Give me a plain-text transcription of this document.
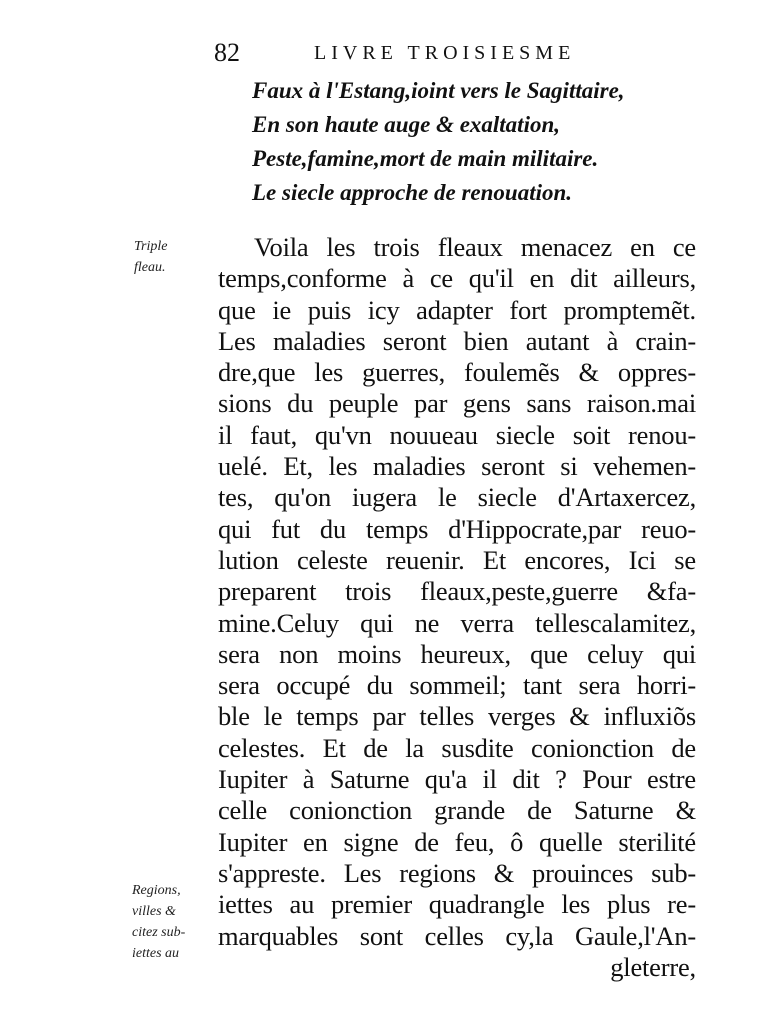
82	LIVRE TROISIESME
Faux à l'Estang,ioint vers le Sagittaire,
En son haute auge & exaltation,
Peste,famine,mort de main militaire.
Le siecle approche de renouation.
Triple
fleau.
Regions,
villes &
citez sub-
iettes au
Voila les trois fleaux menacez en ce
temps,conforme à ce qu'il en dit ailleurs,
que ie puis icy adapter fort promptemẽt.
Les maladies seront bien autant à crain-
dre,que les guerres, foulemẽs & oppres-
sions du peuple par gens sans raison.mai
il faut, qu'vn nouueau siecle soit renou-
uelé. Et, les maladies seront si vehemen-
tes, qu'on iugera le siecle d'Artaxercez,
qui fut du temps d'Hippocrate,par reuo-
lution celeste reuenir. Et encores, Ici se
preparent trois fleaux,peste,guerre &fa-
mine.Celuy qui ne verra tellescalamitez,
sera non moins heureux, que celuy qui
sera occupé du sommeil; tant sera horri-
ble le temps par telles verges & influxiõs
celestes. Et de la susdite conionction de
Iupiter à Saturne qu'a il dit ? Pour estre
celle conionction grande de Saturne &
Iupiter en signe de feu, ô quelle sterilité
s'appreste. Les regions & prouinces sub-
iettes au premier quadrangle les plus re-
marquables sont celles cy,la Gaule,l'An-
gleterre,
